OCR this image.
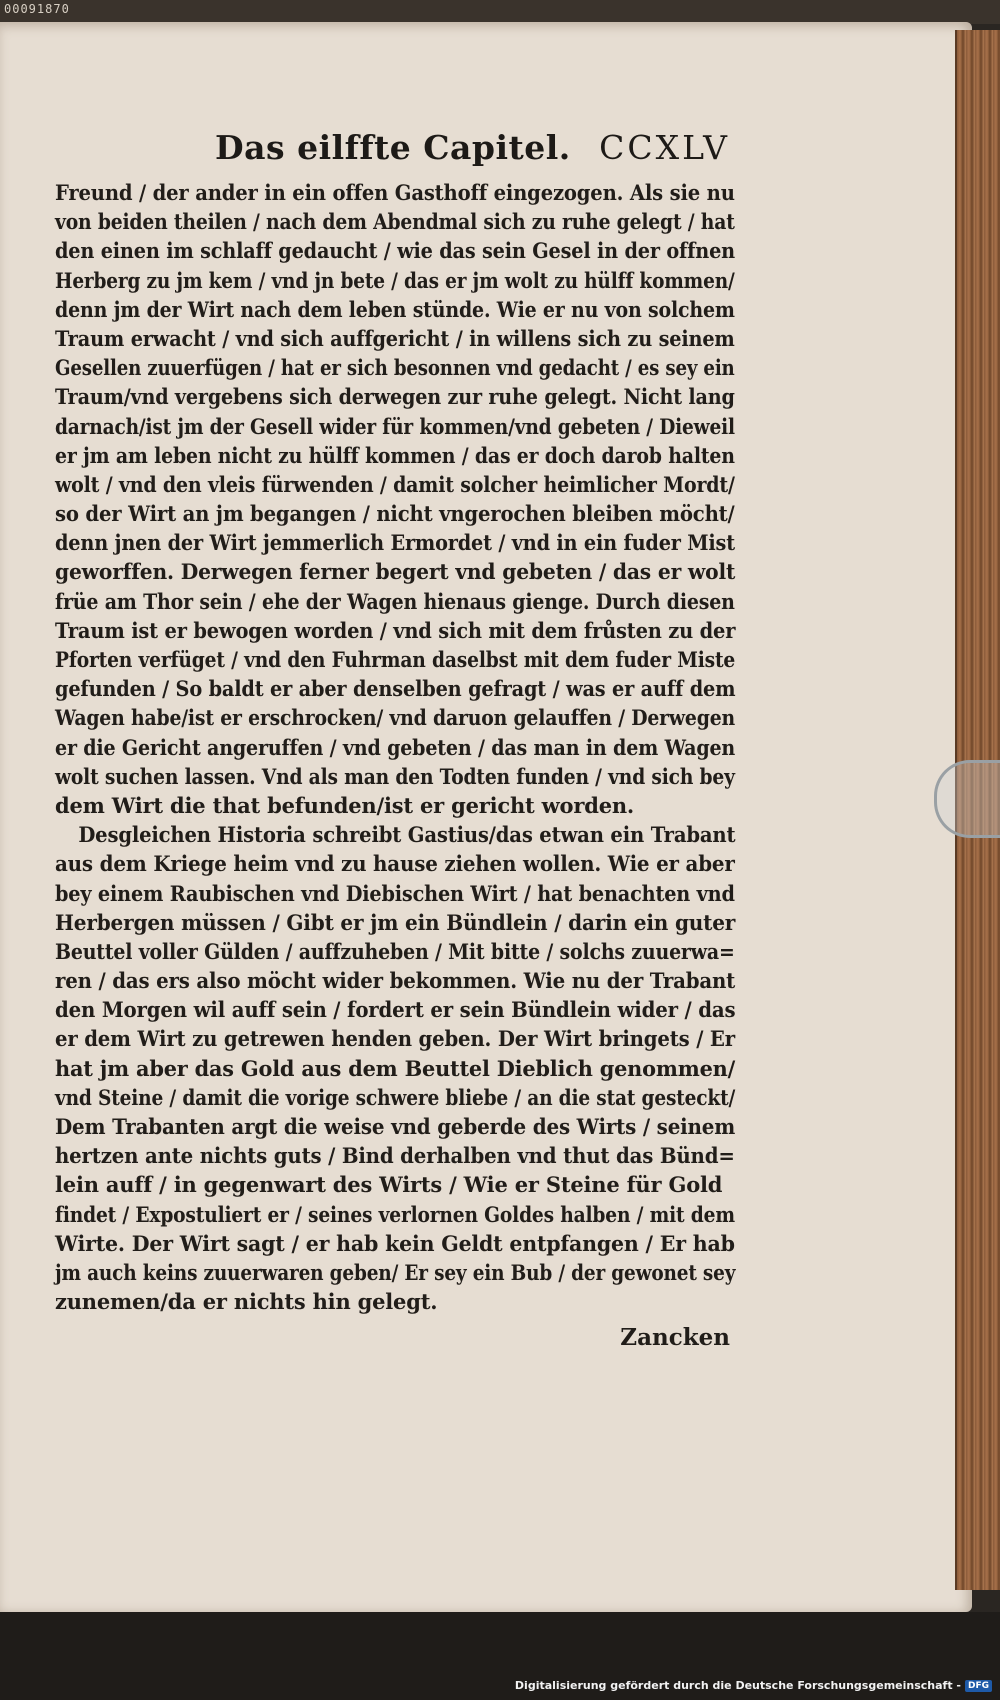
00091870
Das eilffte Capitel. CCXLV
Freund / der ander in ein offen Gasthoff eingezogen. Als sie nu
von beiden theilen / nach dem Abendmal sich zu ruhe gelegt / hat
den einen im schlaff gedaucht / wie das sein Gesel in der offnen
Herberg zu jm kem / vnd jn bete / das er jm wolt zu hülff kommen/
denn jm der Wirt nach dem leben stünde. Wie er nu von solchem
Traum erwacht / vnd sich auffgericht / in willens sich zu seinem
Gesellen zuuerfügen / hat er sich besonnen vnd gedacht / es sey ein
Traum/vnd vergebens sich derwegen zur ruhe gelegt. Nicht lang
darnach/ist jm der Gesell wider für kommen/vnd gebeten / Dieweil
er jm am leben nicht zu hülff kommen / das er doch darob halten
wolt / vnd den vleis fürwenden / damit solcher heimlicher Mordt/
so der Wirt an jm begangen / nicht vngerochen bleiben möcht/
denn jnen der Wirt jemmerlich Ermordet / vnd in ein fuder Mist
geworffen. Derwegen ferner begert vnd gebeten / das er wolt
früe am Thor sein / ehe der Wagen hienaus gienge. Durch diesen
Traum ist er bewogen worden / vnd sich mit dem frůsten zu der
Pforten verfüget / vnd den Fuhrman daselbst mit dem fuder Miste
gefunden / So baldt er aber denselben gefragt / was er auff dem
Wagen habe/ist er erschrocken/ vnd daruon gelauffen / Derwegen
er die Gericht angeruffen / vnd gebeten / das man in dem Wagen
wolt suchen lassen. Vnd als man den Todten funden / vnd sich bey
dem Wirt die that befunden/ist er gericht worden.
Desgleichen Historia schreibt Gastius/das etwan ein Trabant
aus dem Kriege heim vnd zu hause ziehen wollen. Wie er aber
bey einem Raubischen vnd Diebischen Wirt / hat benachten vnd
Herbergen müssen / Gibt er jm ein Bündlein / darin ein guter
Beuttel voller Gülden / auffzuheben / Mit bitte / solchs zuuerwa=
ren / das ers also möcht wider bekommen. Wie nu der Trabant
den Morgen wil auff sein / fordert er sein Bündlein wider / das
er dem Wirt zu getrewen henden geben. Der Wirt bringets / Er
hat jm aber das Gold aus dem Beuttel Dieblich genommen/
vnd Steine / damit die vorige schwere bliebe / an die stat gesteckt/
Dem Trabanten argt die weise vnd geberde des Wirts / seinem
hertzen ante nichts guts / Bind derhalben vnd thut das Bünd=
lein auff / in gegenwart des Wirts / Wie er Steine für Gold
findet / Expostuliert er / seines verlornen Goldes halben / mit dem
Wirte. Der Wirt sagt / er hab kein Geldt entpfangen / Er hab
jm auch keins zuuerwaren geben/ Er sey ein Bub / der gewonet sey
zunemen/da er nichts hin gelegt.
Zancken
Digitalisierung gefördert durch die Deutsche Forschungsgemeinschaft - DFG
